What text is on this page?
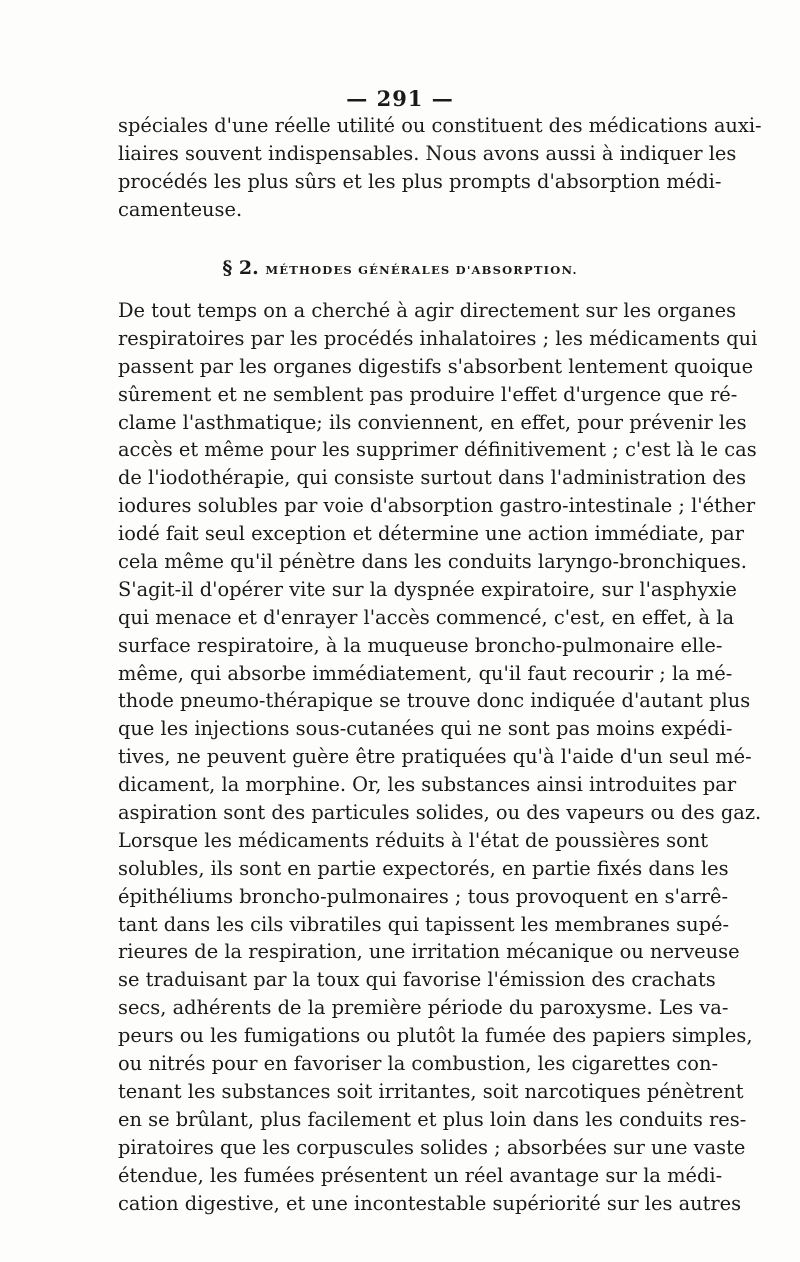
— 291 —
spéciales d'une réelle utilité ou constituent des médications auxi-
liaires souvent indispensables. Nous avons aussi à indiquer les
procédés les plus sûrs et les plus prompts d'absorption médi-
camenteuse.
§ 2. MÉTHODES GÉNÉRALES D'ABSORPTION.
De tout temps on a cherché à agir directement sur les organes
respiratoires par les procédés inhalatoires ; les médicaments qui
passent par les organes digestifs s'absorbent lentement quoique
sûrement et ne semblent pas produire l'effet d'urgence que ré-
clame l'asthmatique; ils conviennent, en effet, pour prévenir les
accès et même pour les supprimer définitivement ; c'est là le cas
de l'iodothérapie, qui consiste surtout dans l'administration des
iodures solubles par voie d'absorption gastro-intestinale ; l'éther
iodé fait seul exception et détermine une action immédiate, par
cela même qu'il pénètre dans les conduits laryngo-bronchiques.
S'agit-il d'opérer vite sur la dyspnée expiratoire, sur l'asphyxie
qui menace et d'enrayer l'accès commencé, c'est, en effet, à la
surface respiratoire, à la muqueuse broncho-pulmonaire elle-
même, qui absorbe immédiatement, qu'il faut recourir ; la mé-
thode pneumo-thérapique se trouve donc indiquée d'autant plus
que les injections sous-cutanées qui ne sont pas moins expédi-
tives, ne peuvent guère être pratiquées qu'à l'aide d'un seul mé-
dicament, la morphine. Or, les substances ainsi introduites par
aspiration sont des particules solides, ou des vapeurs ou des gaz.
Lorsque les médicaments réduits à l'état de poussières sont
solubles, ils sont en partie expectorés, en partie fixés dans les
épithéliums broncho-pulmonaires ; tous provoquent en s'arrê-
tant dans les cils vibratiles qui tapissent les membranes supé-
rieures de la respiration, une irritation mécanique ou nerveuse
se traduisant par la toux qui favorise l'émission des crachats
secs, adhérents de la première période du paroxysme. Les va-
peurs ou les fumigations ou plutôt la fumée des papiers simples,
ou nitrés pour en favoriser la combustion, les cigarettes con-
tenant les substances soit irritantes, soit narcotiques pénètrent
en se brûlant, plus facilement et plus loin dans les conduits res-
piratoires que les corpuscules solides ; absorbées sur une vaste
étendue, les fumées présentent un réel avantage sur la médi-
cation digestive, et une incontestable supériorité sur les autres
